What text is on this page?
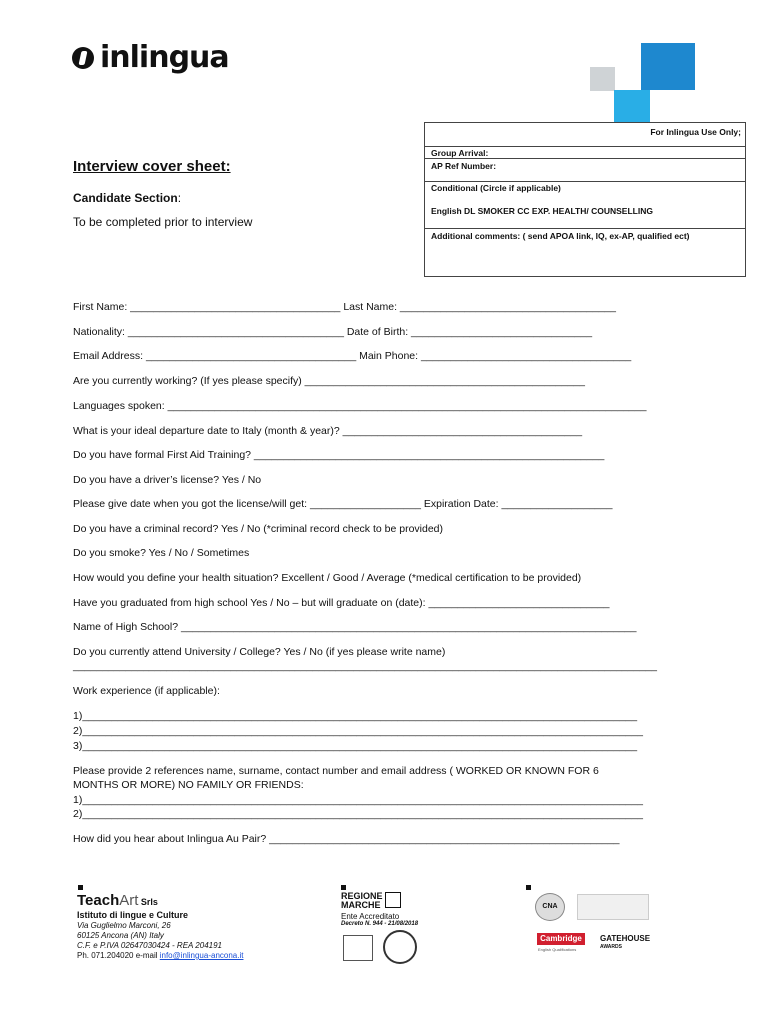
inlingua
For Inlingua Use Only;
Group Arrival:
AP Ref Number:
Conditional (Circle if applicable)
English DL SMOKER CC EXP. HEALTH/ COUNSELLING
Additional comments: ( send APOA link, IQ, ex-AP, qualified ect)
Interview cover sheet:
Candidate Section:
To be completed prior to interview
First Name: ____________________________________ Last Name: _____________________________________
Nationality: _____________________________________ Date of Birth: _______________________________
Email Address: ____________________________________ Main Phone: ____________________________________
Are you currently working? (If yes please specify) ________________________________________________
Languages spoken: __________________________________________________________________________________
What is your ideal departure date to Italy (month & year)? _________________________________________
Do you have formal First Aid Training? ____________________________________________________________
Do you have a driver’s license? Yes / No
Please give date when you got the license/will get: ___________________ Expiration Date: ___________________
Do you have a criminal record? Yes / No (*criminal record check to be provided)
Do you smoke? Yes / No / Sometimes
How would you define your health situation? Excellent / Good / Average (*medical certification to be provided)
Have you graduated from high school Yes / No – but will graduate on (date): _______________________________
Name of High School? ______________________________________________________________________________
Do you currently attend University / College? Yes / No (if yes please write name)
____________________________________________________________________________________________________
Work experience (if applicable):
1)_______________________________________________________________________________________________
2)________________________________________________________________________________________________
3)_______________________________________________________________________________________________
Please provide 2 references name, surname, contact number and email address ( WORKED OR KNOWN FOR 6
MONTHS OR MORE) NO FAMILY OR FRIENDS:
1)________________________________________________________________________________________________
2)________________________________________________________________________________________________
How did you hear about Inlingua Au Pair? ____________________________________________________________
TeachArt Srls
Istituto di lingue e Culture
Via Guglielmo Marconi, 26
60125 Ancona (AN) Italy
C.F. e P.IVA 02647030424 - REA 204191
Ph. 071.204020 e-mail info@inlingua-ancona.it
REGIONE
MARCHE
Ente Accreditato
Decreto N. 944 - 21/08/2018
CNA
Cambridge
English Qualifications
GATEHOUSE
AWARDS
